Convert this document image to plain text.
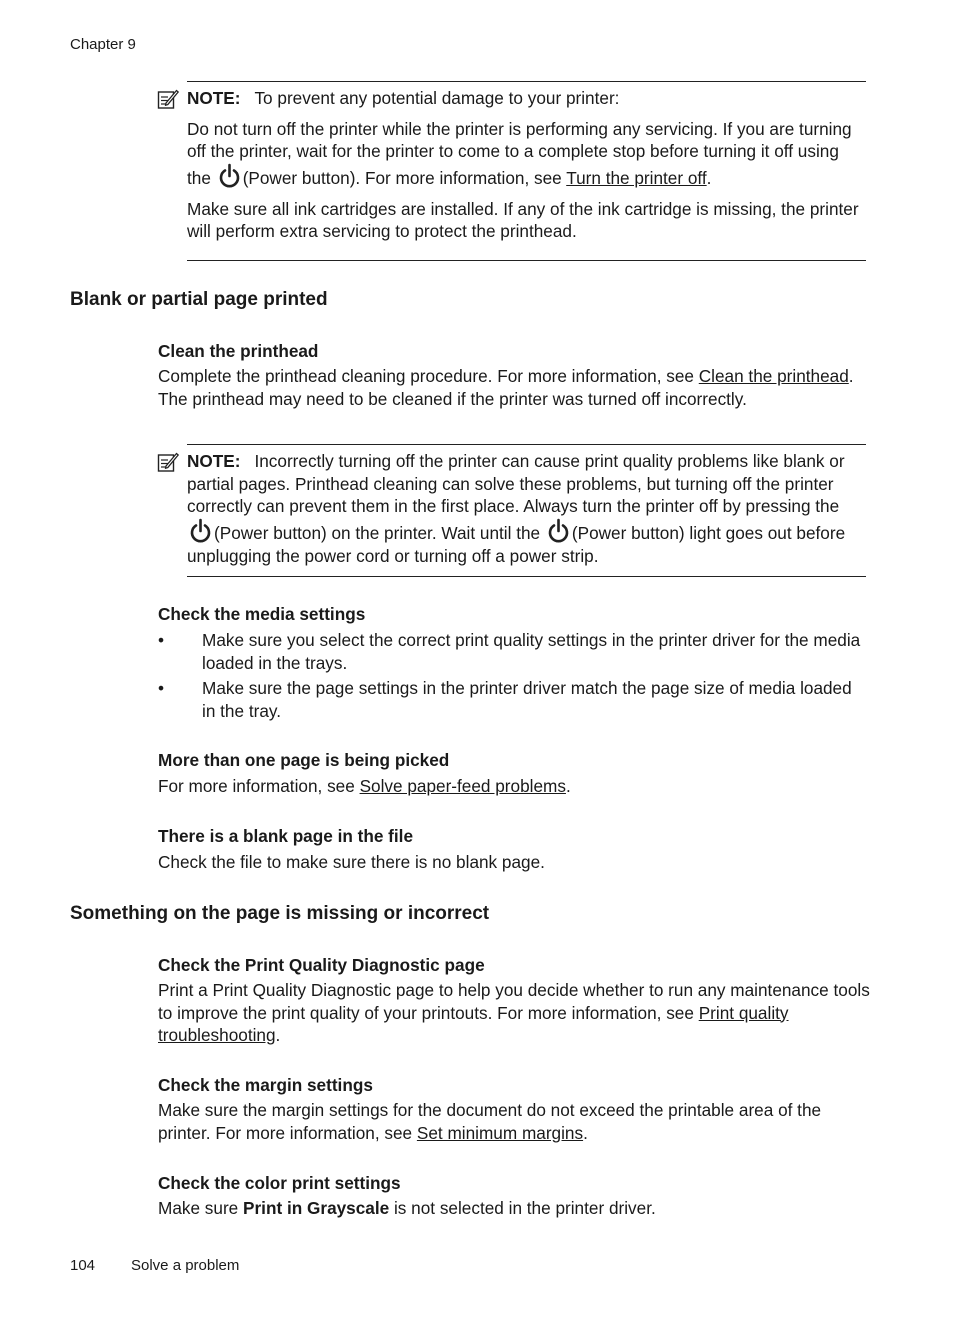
Chapter 9

NOTE: To prevent any potential damage to your printer:

Do not turn off the printer while the printer is performing any servicing. If you are turning off the printer, wait for the printer to come to a complete stop before turning it off using the (Power button). For more information, see Turn the printer off.

Make sure all ink cartridges are installed. If any of the ink cartridge is missing, the printer will perform extra servicing to protect the printhead.

Blank or partial page printed
Clean the printhead

Complete the printhead cleaning procedure. For more information, see Clean the printhead. The printhead may need to be cleaned if the printer was turned off incorrectly.

NOTE: Incorrectly turning off the printer can cause print quality problems like blank or partial pages. Printhead cleaning can solve these problems, but turning off the printer correctly can prevent them in the first place. Always turn the printer off by pressing the (Power button) on the printer. Wait until the (Power button) light goes out before unplugging the power cord or turning off a power strip.

Check the media settings
• Make sure you select the correct print quality settings in the printer driver for the media loaded in the trays.
• Make sure the page settings in the printer driver match the page size of media loaded in the tray.
More than one page is being picked

For more information, see Solve paper-feed problems.

There is a blank page in the file

Check the file to make sure there is no blank page.

Something on the page is missing or incorrect
Check the Print Quality Diagnostic page

Print a Print Quality Diagnostic page to help you decide whether to run any maintenance tools to improve the print quality of your printouts. For more information, see Print quality troubleshooting.

Check the margin settings

Make sure the margin settings for the document do not exceed the printable area of the printer. For more information, see Set minimum margins.

Check the color print settings

Make sure Print in Grayscale is not selected in the printer driver.

104 Solve a problem
